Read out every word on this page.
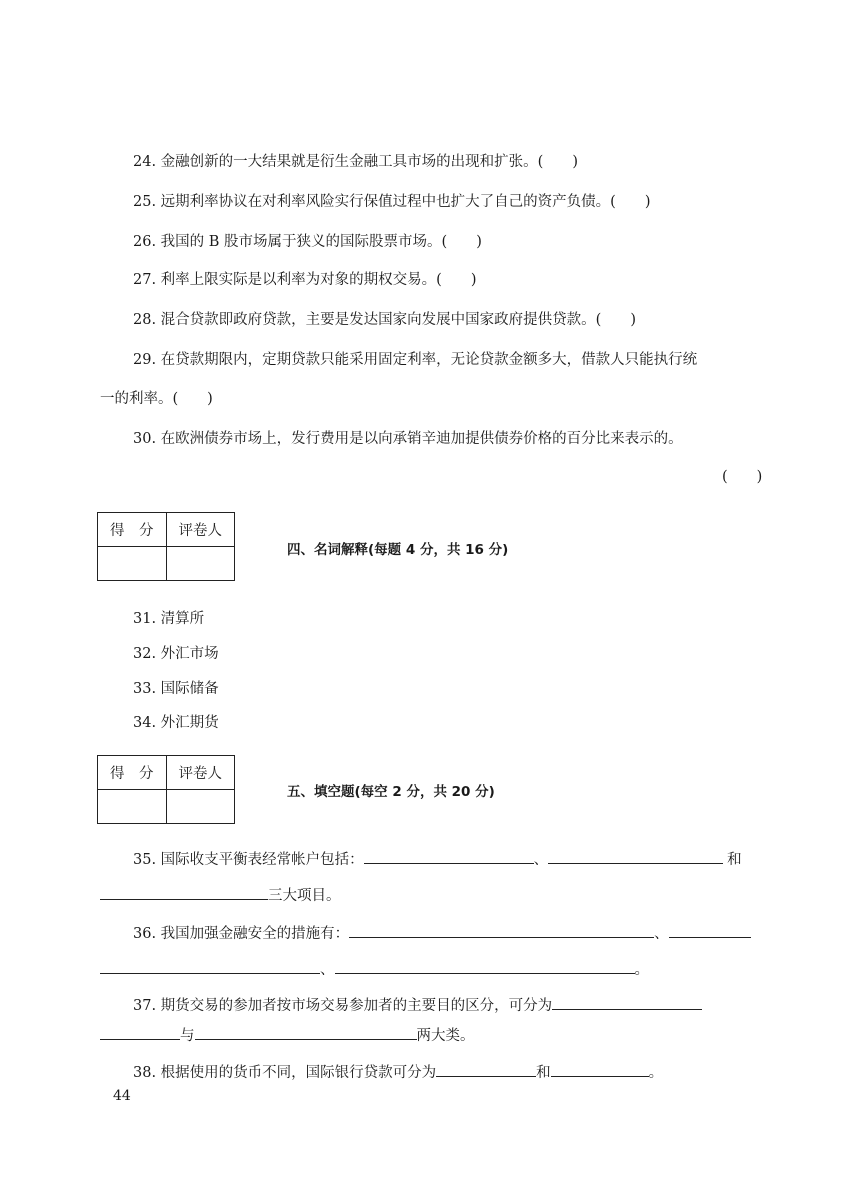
24. 金融创新的一大结果就是衍生金融工具市场的出现和扩张。(　　)
25. 远期利率协议在对利率风险实行保值过程中也扩大了自己的资产负债。(　　)
26. 我国的 B 股市场属于狭义的国际股票市场。(　　)
27. 利率上限实际是以利率为对象的期权交易。(　　)
28. 混合贷款即政府贷款，主要是发达国家向发展中国家政府提供贷款。(　　)
29. 在贷款期限内，定期贷款只能采用固定利率，无论贷款金额多大，借款人只能执行统
一的利率。(　　)
30. 在欧洲债券市场上，发行费用是以向承销辛迪加提供债券价格的百分比来表示的。
(　　)
得　分	评卷人

四、名词解释(每题 4 分，共 16 分)
31. 清算所
32. 外汇市场
33. 国际储备
34. 外汇期货
得　分	评卷人

五、填空题(每空 2 分，共 20 分)
35. 国际收支平衡表经常帐户包括：	、	和
三大项目。
36. 我国加强金融安全的措施有：	、
、	。
37. 期货交易的参加者按市场交易参加者的主要目的区分，可分为
与	两大类。
38. 根据使用的货币不同，国际银行贷款可分为	和	。
44
